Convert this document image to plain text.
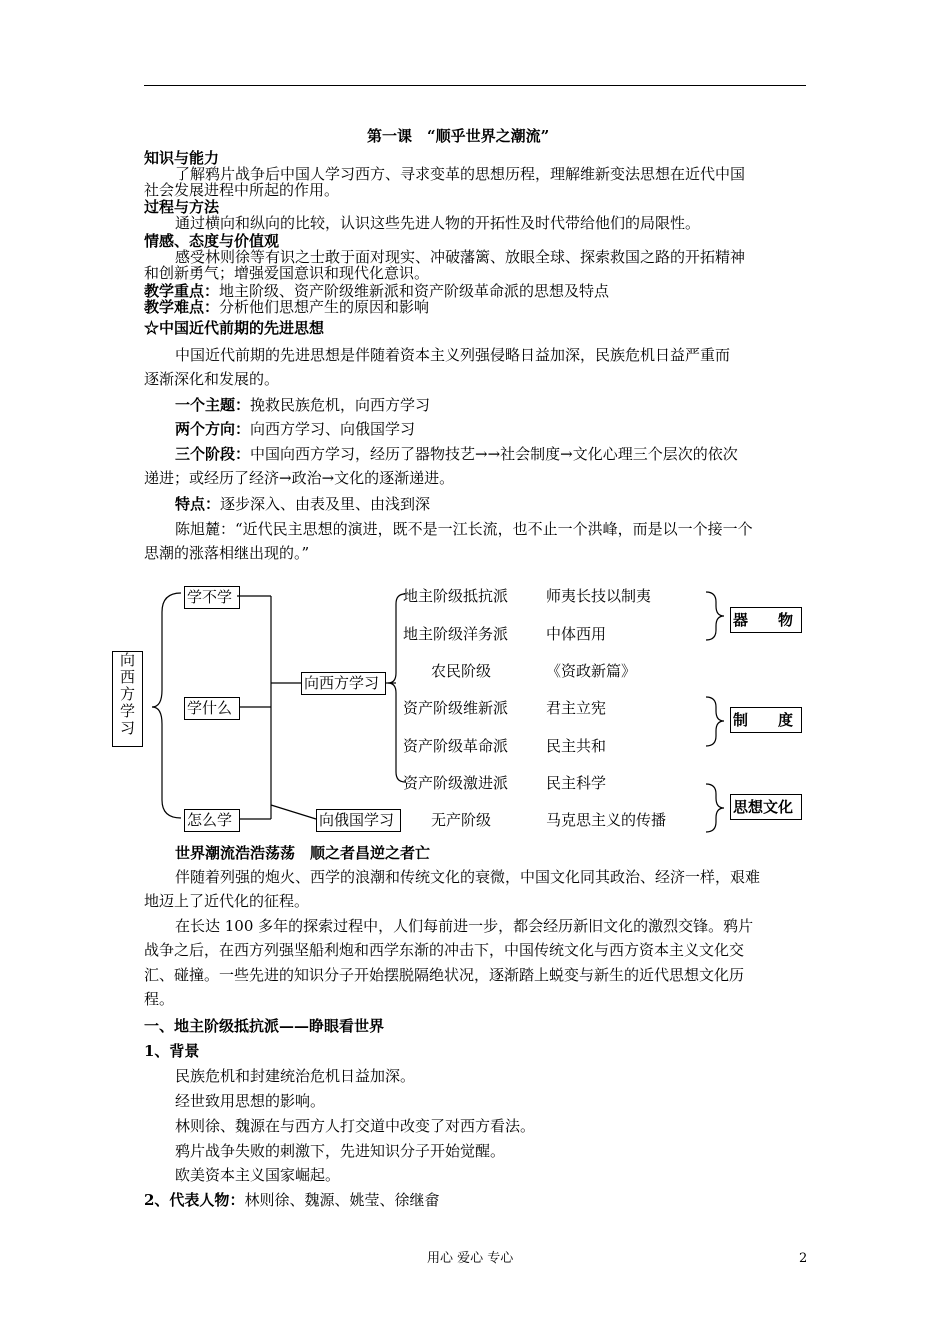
第一课　“顺乎世界之潮流”
知识与能力
了解鸦片战争后中国人学习西方、寻求变革的思想历程，理解维新变法思想在近代中国
社会发展进程中所起的作用。
过程与方法
通过横向和纵向的比较，认识这些先进人物的开拓性及时代带给他们的局限性。
情感、态度与价值观
感受林则徐等有识之士敢于面对现实、冲破藩篱、放眼全球、探索救国之路的开拓精神
和创新勇气；增强爱国意识和现代化意识。
教学重点：地主阶级、资产阶级维新派和资产阶级革命派的思想及特点
教学难点：分析他们思想产生的原因和影响
☆中国近代前期的先进思想
中国近代前期的先进思想是伴随着资本主义列强侵略日益加深，民族危机日益严重而
逐渐深化和发展的。
一个主题：挽救民族危机，向西方学习
两个方向：向西方学习、向俄国学习
三个阶段：中国向西方学习，经历了器物技艺→→社会制度→文化心理三个层次的依次
递进；或经历了经济→政治→文化的逐渐递进。
特点：逐步深入、由表及里、由浅到深
陈旭麓：“近代民主思想的演进，既不是一江长流，也不止一个洪峰，而是以一个接一个
思潮的涨落相继出现的。”
向
西
方
学
习
学不学
学什么
怎么学
向西方学习
向俄国学习
地主阶级抵抗派	师夷长技以制夷
地主阶级洋务派	中体西用
农民阶级	《资政新篇》
资产阶级维新派	君主立宪
资产阶级革命派	民主共和
资产阶级激进派	民主科学
无产阶级	马克思主义的传播
器　　物
制　　度
思想文化
世界潮流浩浩荡荡　顺之者昌逆之者亡
伴随着列强的炮火、西学的浪潮和传统文化的衰微，中国文化同其政治、经济一样，艰难
地迈上了近代化的征程。
在长达 100 多年的探索过程中，人们每前进一步，都会经历新旧文化的激烈交锋。鸦片
战争之后，在西方列强坚船利炮和西学东渐的冲击下，中国传统文化与西方资本主义文化交
汇、碰撞。一些先进的知识分子开始摆脱隔绝状况，逐渐踏上蜕变与新生的近代思想文化历
程。
一、地主阶级抵抗派——睁眼看世界
1、背景
民族危机和封建统治危机日益加深。
经世致用思想的影响。
林则徐、魏源在与西方人打交道中改变了对西方看法。
鸦片战争失败的刺激下，先进知识分子开始觉醒。
欧美资本主义国家崛起。
2、代表人物：林则徐、魏源、姚莹、徐继畲
用心 爱心 专心	2
